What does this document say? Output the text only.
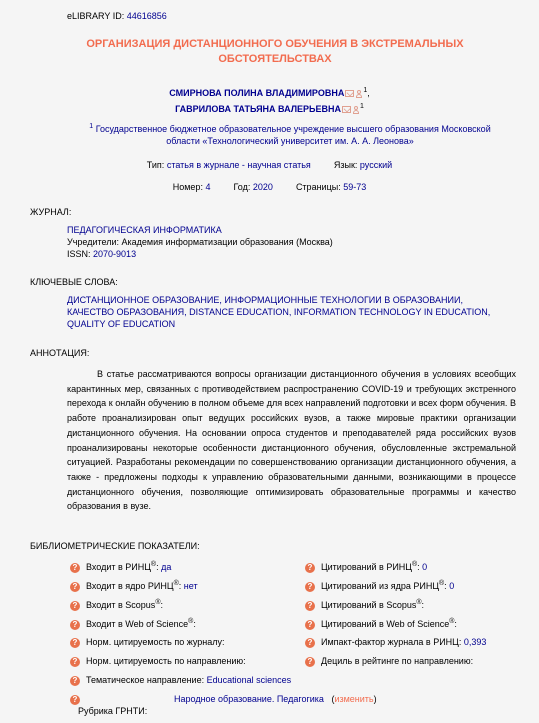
eLIBRARY ID: 44616856
ОРГАНИЗАЦИЯ ДИСТАНЦИОННОГО ОБУЧЕНИЯ В ЭКСТРЕМАЛЬНЫХ ОБСТОЯТЕЛЬСТВАХ
СМИРНОВА ПОЛИНА ВЛАДИМИРОВНА	$^1$,
ГАВРИЛОВА ТАТЬЯНА ВАЛЕРЬЕВНА	$^1$
$^1$ Государственное бюджетное образовательное учреждение высшего образования Московской области «Технологический университет им. А. А. Леонова»
Тип: статья в журнале - научная статья	Язык: русский
Номер: 4	Год: 2020	Страницы: 59-73
ЖУРНАЛ:
ПЕДАГОГИЧЕСКАЯ ИНФОРМАТИКА
Учредители: Академия информатизации образования (Москва)
ISSN: 2070-9013
КЛЮЧЕВЫЕ СЛОВА:
ДИСТАНЦИОННОЕ ОБРАЗОВАНИЕ, ИНФОРМАЦИОННЫЕ ТЕХНОЛОГИИ В ОБРАЗОВАНИИ, КАЧЕСТВО ОБРАЗОВАНИЯ, DISTANCE EDUCATION, INFORMATION TECHNOLOGY IN EDUCATION, QUALITY OF EDUCATION
АННОТАЦИЯ:
В статье рассматриваются вопросы организации дистанционного обучения в условиях всеобщих карантинных мер, связанных с противодействием распространению COVID-19 и требующих экстренного перехода к онлайн обучению в полном объеме для всех направлений подготовки и всех форм обучения. В работе проанализирован опыт ведущих российских вузов, а также мировые практики организации дистанционного обучения. На основании опроса студентов и преподавателей ряда российских вузов проанализированы некоторые особенности дистанционного обучения, обусловленные экстремальной ситуацией. Разработаны рекомендации по совершенствованию организации дистанционного обучения, а также - предложены подходы к управлению образовательными данными, возникающими в процессе дистанционного обучения, позволяющие оптимизировать образовательные программы и качество образования в вузе.
БИБЛИОМЕТРИЧЕСКИЕ ПОКАЗАТЕЛИ:
? Входит в РИНЦ®: да	? Цитирований в РИНЦ®: 0
? Входит в ядро РИНЦ®: нет	? Цитирований из ядра РИНЦ®: 0
? Входит в Scopus®:	? Цитирований в Scopus®:
? Входит в Web of Science®:	? Цитирований в Web of Science®:
? Норм. цитируемость по журналу:	? Импакт-фактор журнала в РИНЦ: 0,393
? Норм. цитируемость по направлению:	? Дециль в рейтинге по направлению:
? Тематическое направление: Educational sciences
?
Рубрика ГРНТИ:
Народное образование. Педагогика (изменить)
